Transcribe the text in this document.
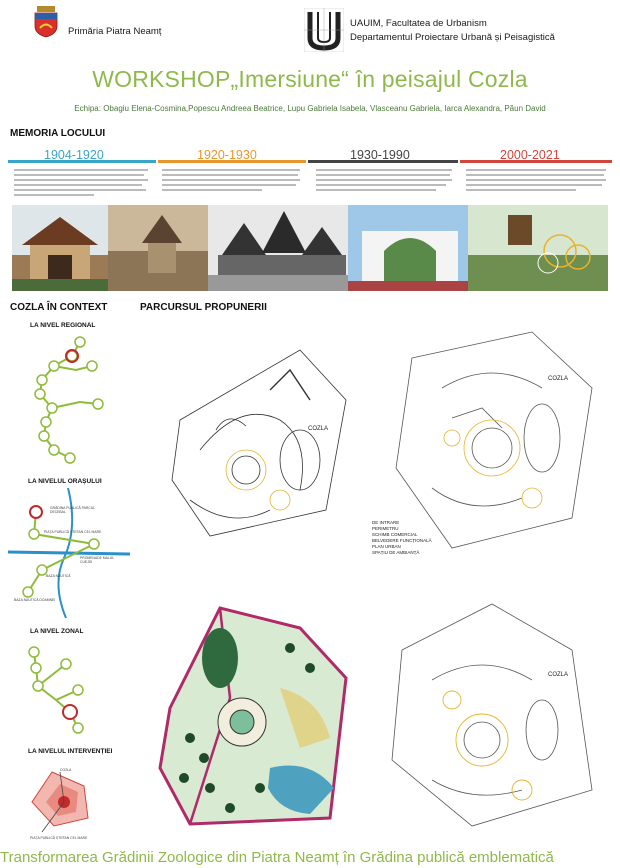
Primăria Piatra Neamț
UAUIM, Facultatea de Urbanism
Departamentul Proiectare Urbană și Peisagistică
WORKSHOP„Imersiune“ în peisajul Cozla
Echipa: Obagiu Elena-Cosmina,Popescu Andreea Beatrice, Lupu Gabriela Isabela, Vlasceanu Gabriela, Iarca Alexandra, Păun David
MEMORIA LOCULUI
1904-1920	1920-1930	1930-1990	2000-2021
COZLA ÎN CONTEXT
LA NIVEL REGIONAL
LA NIVELUL ORAȘULUI
GRĂDINA PUBLICĂ PARCUL DECEBAL
PIAȚA PUBLICĂ ȘTEFAN CEL MARE
PROMENADE MALUL CUEJDI
BAZA NAUTICĂ
BAZA NAUTICĂ DOAMNEI
LA NIVEL ZONAL
LA NIVELUL INTERVENȚIEI
COZLA
PIAȚA PUBLICĂ ȘTEFAN CEL MARE
PARCURSUL PROPUNERII
COZLA
COZLA
DE INTRARE
PERIMETRU
SCHIMB COMERCIAL
BELVEDERE FUNCȚIONALĂ
PLAN URBAN
SPAȚIU DE AMBIANȚĂ
COZLA
Transformarea Grădinii Zoologice din Piatra Neamț în Grădina publică emblematică
